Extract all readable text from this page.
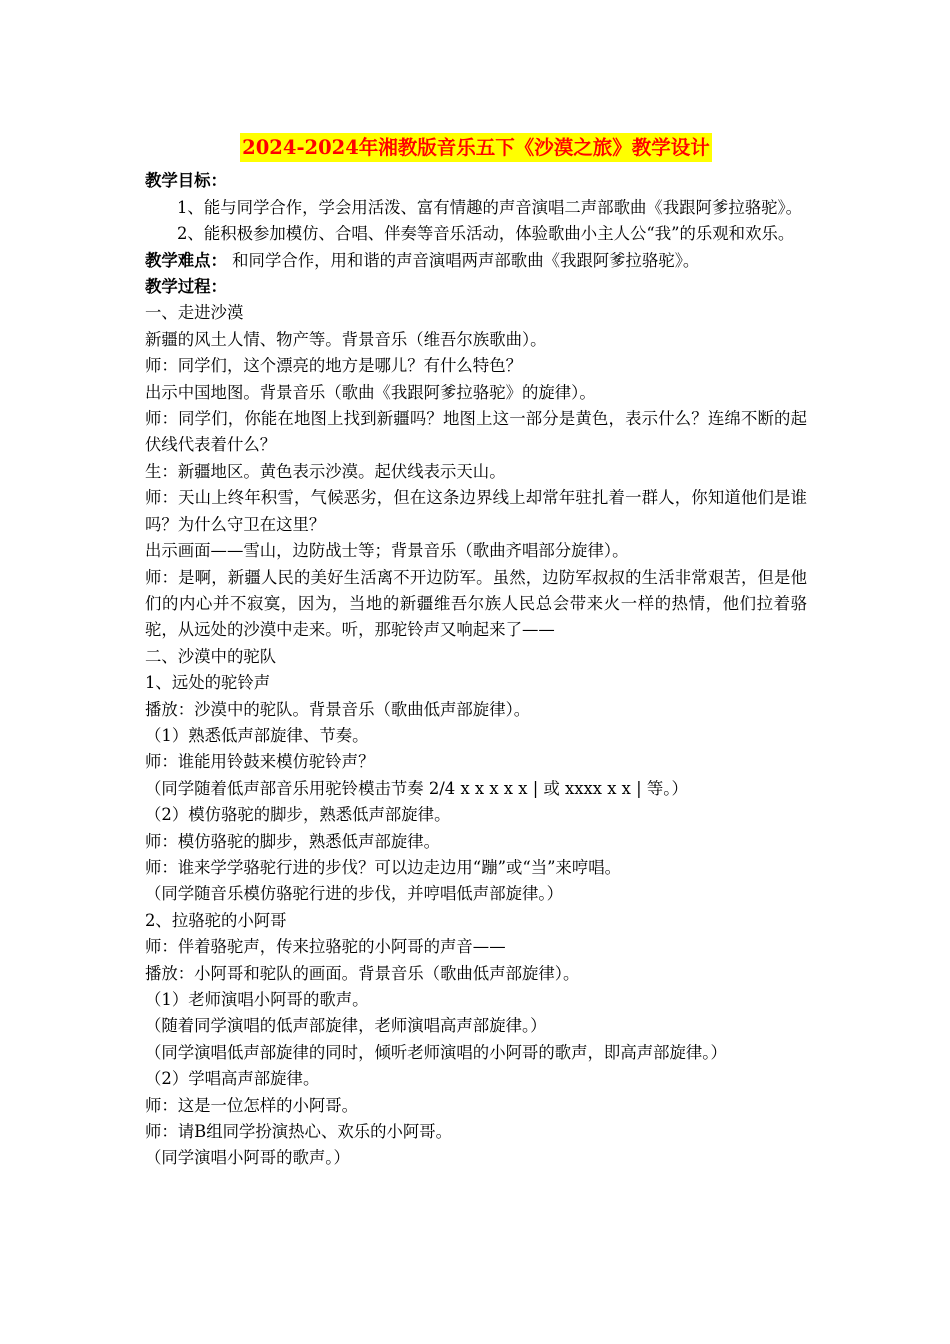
2024-2024年湘教版音乐五下《沙漠之旅》教学设计

教学目标：

1、能与同学合作，学会用活泼、富有情趣的声音演唱二声部歌曲《我跟阿爹拉骆驼》。

2、能积极参加模仿、合唱、伴奏等音乐活动，体验歌曲小主人公“我”的乐观和欢乐。

教学难点： 和同学合作，用和谐的声音演唱两声部歌曲《我跟阿爹拉骆驼》。

教学过程：

一、走进沙漠

新疆的风土人情、物产等。背景音乐（维吾尔族歌曲）。

师：同学们，这个漂亮的地方是哪儿？有什么特色？

出示中国地图。背景音乐（歌曲《我跟阿爹拉骆驼》的旋律）。

师：同学们，你能在地图上找到新疆吗？地图上这一部分是黄色，表示什么？连绵不断的起伏线代表着什么？

生：新疆地区。黄色表示沙漠。起伏线表示天山。

师：天山上终年积雪，气候恶劣，但在这条边界线上却常年驻扎着一群人，你知道他们是谁吗？为什么守卫在这里？

出示画面——雪山，边防战士等；背景音乐（歌曲齐唱部分旋律）。

师：是啊，新疆人民的美好生活离不开边防军。虽然，边防军叔叔的生活非常艰苦，但是他们的内心并不寂寞，因为，当地的新疆维吾尔族人民总会带来火一样的热情，他们拉着骆驼，从远处的沙漠中走来。听，那驼铃声又响起来了——

二、沙漠中的驼队

1、远处的驼铃声

播放：沙漠中的驼队。背景音乐（歌曲低声部旋律）。

（1）熟悉低声部旋律、节奏。

师：谁能用铃鼓来模仿驼铃声？

（同学随着低声部音乐用驼铃模击节奏 2/4 x x x x x | 或 xxxx x x | 等。）

（2）模仿骆驼的脚步，熟悉低声部旋律。

师：模仿骆驼的脚步，熟悉低声部旋律。

师：谁来学学骆驼行进的步伐？可以边走边用“蹦”或“当”来哼唱。

（同学随音乐模仿骆驼行进的步伐，并哼唱低声部旋律。）

2、拉骆驼的小阿哥

师：伴着骆驼声，传来拉骆驼的小阿哥的声音——

播放：小阿哥和驼队的画面。背景音乐（歌曲低声部旋律）。

（1）老师演唱小阿哥的歌声。

（随着同学演唱的低声部旋律，老师演唱高声部旋律。）

（同学演唱低声部旋律的同时，倾听老师演唱的小阿哥的歌声，即高声部旋律。）

（2）学唱高声部旋律。

师：这是一位怎样的小阿哥。

师：请B组同学扮演热心、欢乐的小阿哥。

（同学演唱小阿哥的歌声。）
